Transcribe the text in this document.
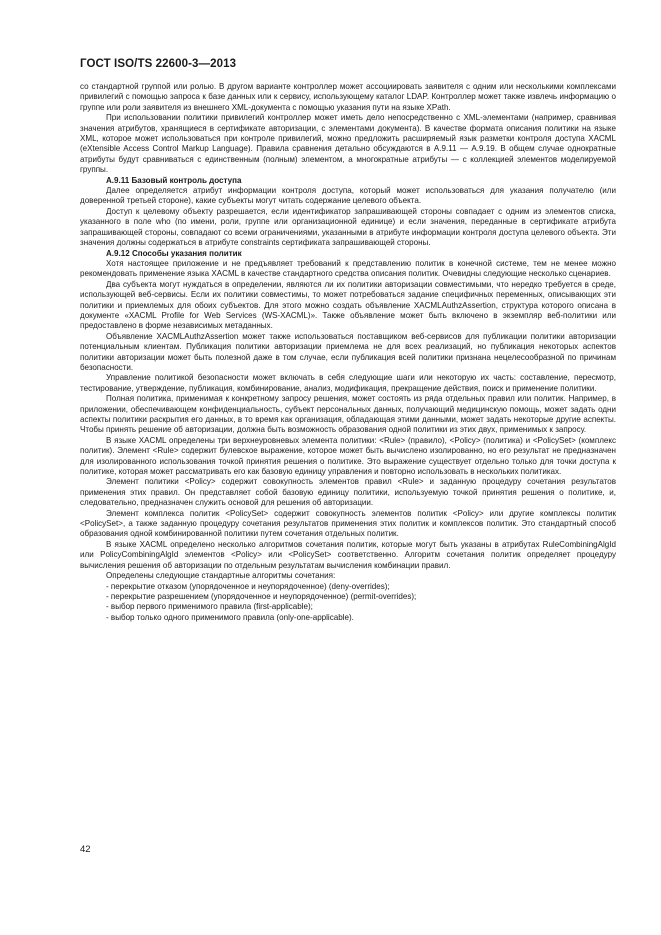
ГОСТ ISO/TS 22600-3—2013

со стандартной группой или ролью. В другом варианте контроллер может ассоциировать заявителя с одним или несколькими комплексами привилегий с помощью запроса к базе данных или к сервису, использующему каталог LDAP. Контроллер может также извлечь информацию о группе или роли заявителя из внешнего XML-документа с помощью указания пути на языке XPath.

При использовании политики привилегий контроллер может иметь дело непосредственно с XML-элементами (например, сравнивая значения атрибутов, хранящиеся в сертификате авторизации, с элементами документа). В качестве формата описания политики на языке XML, которое может использоваться при контроле привилегий, можно предложить расширяемый язык разметки контроля доступа XACML (eXtensible Access Control Markup Language). Правила сравнения детально обсуждаются в А.9.11 — А.9.19. В общем случае однократные атрибуты будут сравниваться с единственным (полным) элементом, а многократные атрибуты — с коллекцией элементов моделируемой группы.

А.9.11 Базовый контроль доступа

Далее определяется атрибут информации контроля доступа, который может использоваться для указания получателю (или доверенной третьей стороне), какие субъекты могут читать содержание целевого объекта.

Доступ к целевому объекту разрешается, если идентификатор запрашивающей стороны совпадает с одним из элементов списка, указанного в поле who (по имени, роли, группе или организационной единице) и если значения, переданные в сертификате атрибута запрашивающей стороны, совпадают со всеми ограничениями, указанными в атрибуте информации контроля доступа целевого объекта. Эти значения должны содержаться в атрибуте constraints сертификата запрашивающей стороны.

А.9.12 Способы указания политик

Хотя настоящее приложение и не предъявляет требований к представлению политик в конечной системе, тем не менее можно рекомендовать применение языка XACML в качестве стандартного средства описания политик. Очевидны следующие несколько сценариев.

Два субъекта могут нуждаться в определении, являются ли их политики авторизации совместимыми, что нередко требуется в среде, использующей веб-сервисы. Если их политики совместимы, то может потребоваться задание специфичных переменных, описывающих эти политики и приемлемых для обоих субъектов. Для этого можно создать объявление XACMLAuthzAssertion, структура которого описана в документе «XACML Profile for Web Services (WS-XACML)». Также объявление может быть включено в экземпляр веб-политики или предоставлено в форме независимых метаданных.

Объявление XACMLAuthzAssertion может также использоваться поставщиком веб-сервисов для публикации политики авторизации потенциальным клиентам. Публикация политики авторизации приемлема не для всех реализаций, но публикация некоторых аспектов политики авторизации может быть полезной даже в том случае, если публикация всей политики признана нецелесообразной по причинам безопасности.

Управление политикой безопасности может включать в себя следующие шаги или некоторую их часть: составление, пересмотр, тестирование, утверждение, публикация, комбинирование, анализ, модификация, прекращение действия, поиск и применение политики.

Полная политика, применимая к конкретному запросу решения, может состоять из ряда отдельных правил или политик. Например, в приложении, обеспечивающем конфиденциальность, субъект персональных данных, получающий медицинскую помощь, может задать одни аспекты политики раскрытия его данных, в то время как организация, обладающая этими данными, может задать некоторые другие аспекты. Чтобы принять решение об авторизации, должна быть возможность образования одной политики из этих двух, применимых к запросу.

В языке XACML определены три верхнеуровневых элемента политики: <Rule> (правило), <Policy> (политика) и <PolicySet> (комплекс политик). Элемент <Rule> содержит булевское выражение, которое может быть вычислено изолированно, но его результат не предназначен для изолированного использования точкой принятия решения о политике. Это выражение существует отдельно только для точки доступа к политике, которая может рассматривать его как базовую единицу управления и повторно использовать в нескольких политиках.

Элемент политики <Policy> содержит совокупность элементов правил <Rule> и заданную процедуру сочетания результатов применения этих правил. Он представляет собой базовую единицу политики, используемую точкой принятия решения о политике, и, следовательно, предназначен служить основой для решения об авторизации.

Элемент комплекса политик <PolicySet> содержит совокупность элементов политик <Policy> или другие комплексы политик <PolicySet>, а также заданную процедуру сочетания результатов применения этих политик и комплексов политик. Это стандартный способ образования одной комбинированной политики путем сочетания отдельных политик.

В языке XACML определено несколько алгоритмов сочетания политик, которые могут быть указаны в атрибутах RuleCombiningAlgId или PolicyCombiningAlgId элементов <Policy> или <PolicySet> соответственно. Алгоритм сочетания политик определяет процедуру вычисления решения об авторизации по отдельным результатам вычисления комбинации правил.

Определены следующие стандартные алгоритмы сочетания:

- перекрытие отказом (упорядоченное и неупорядоченное) (deny-overrides);

- перекрытие разрешением (упорядоченное и неупорядоченное) (permit-overrides);

- выбор первого применимого правила (first-applicable);

- выбор только одного применимого правила (only-one-applicable).

42
